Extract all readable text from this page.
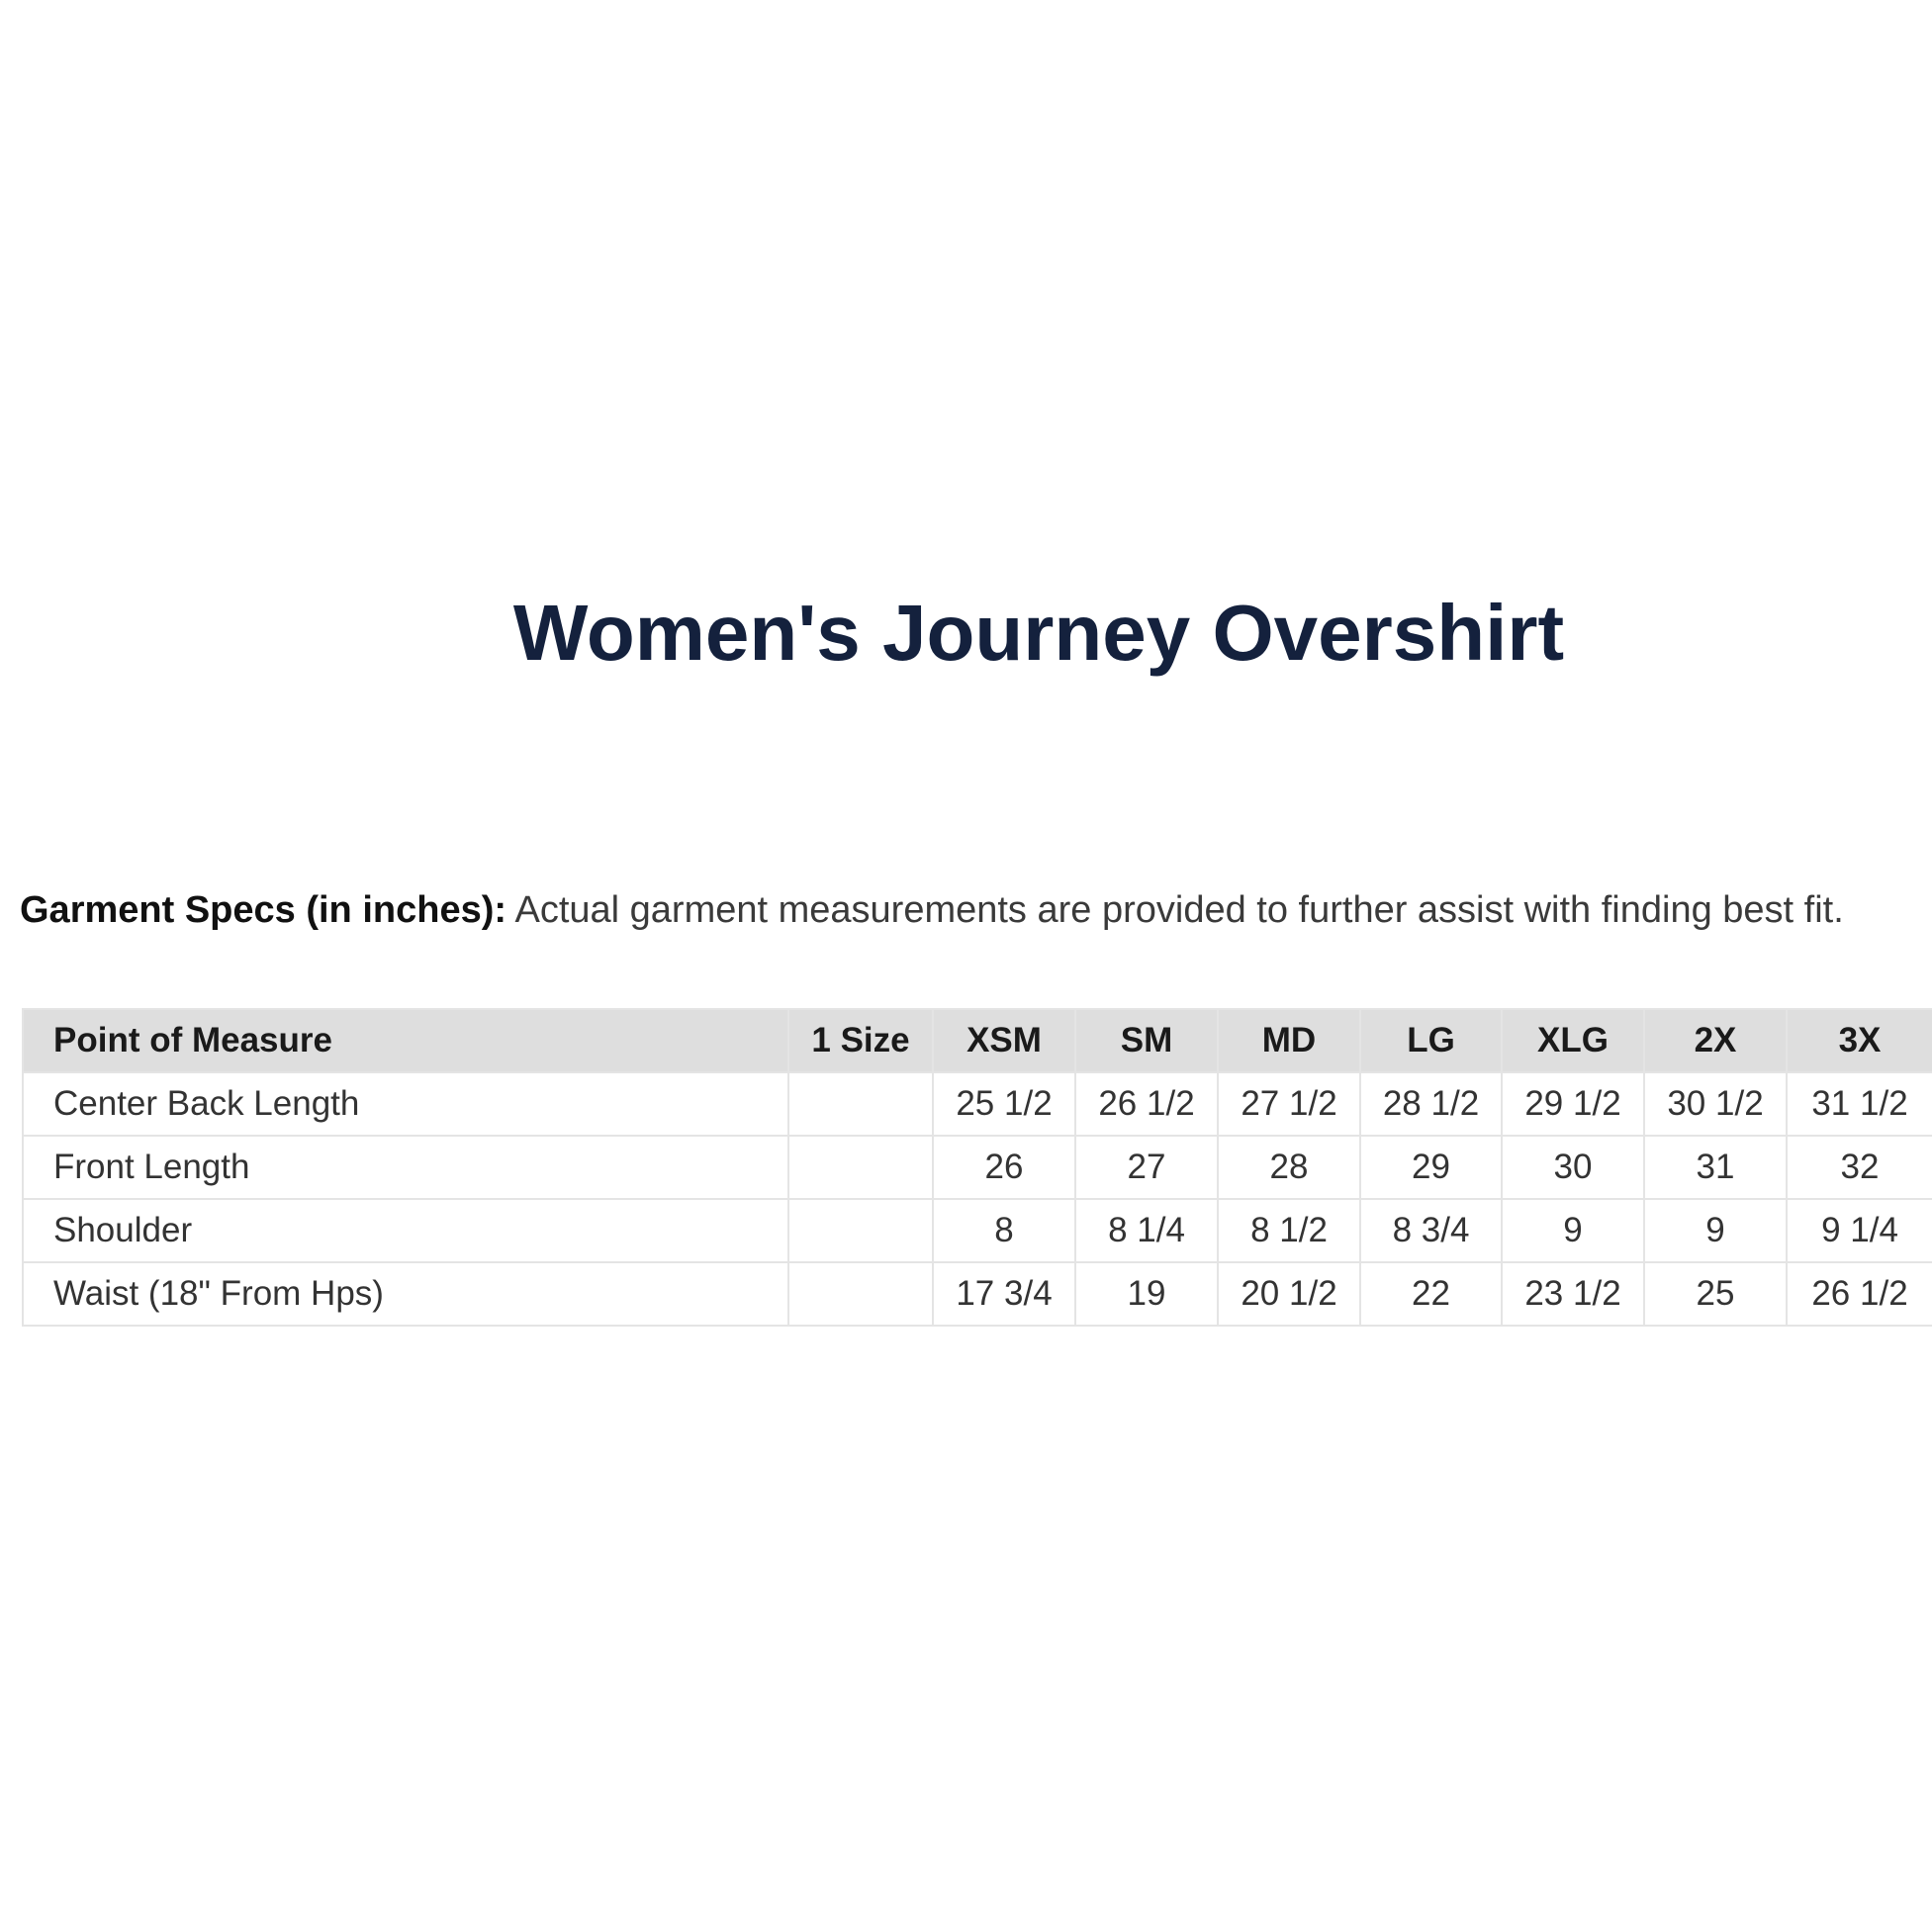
Women's Journey Overshirt

Garment Specs (in inches): Actual garment measurements are provided to further assist with finding best fit.

Point of Measure	1 Size	XSM	SM	MD	LG	XLG	2X	3X
Center Back Length		25 1/2	26 1/2	27 1/2	28 1/2	29 1/2	30 1/2	31 1/2
Front Length		26	27	28	29	30	31	32
Shoulder		8	8 1/4	8 1/2	8 3/4	9	9	9 1/4
Waist (18" From Hps)		17 3/4	19	20 1/2	22	23 1/2	25	26 1/2
